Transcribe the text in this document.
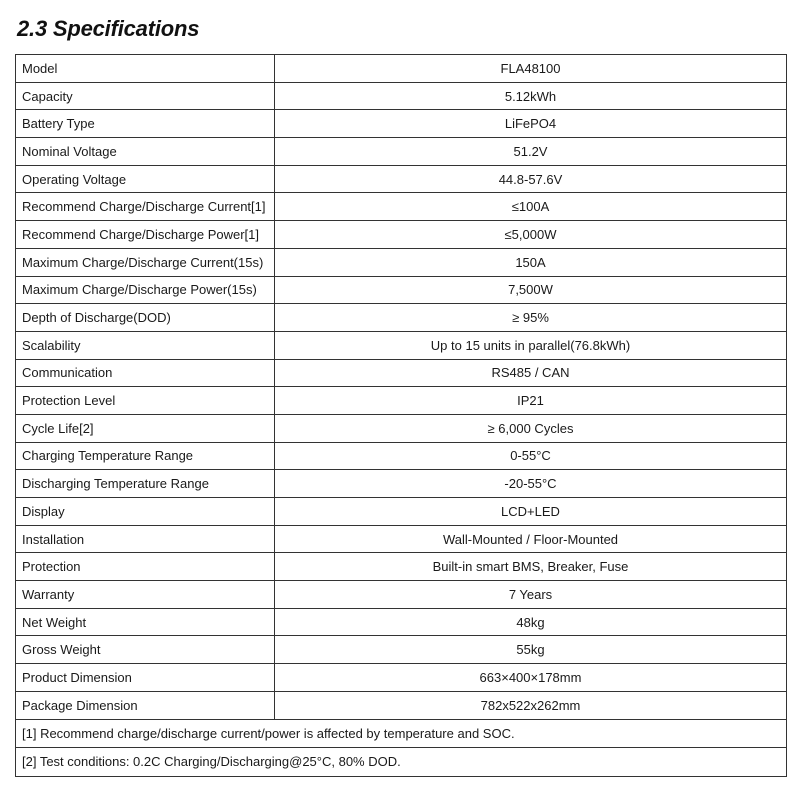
2.3 Specifications
Model	FLA48100
Capacity	5.12kWh
Battery Type	LiFePO4
Nominal Voltage	51.2V
Operating Voltage	44.8-57.6V
Recommend Charge/Discharge Current[1]	≤100A
Recommend Charge/Discharge Power[1]	≤5,000W
Maximum Charge/Discharge Current(15s)	150A
Maximum Charge/Discharge Power(15s)	7,500W
Depth of Discharge(DOD)	≥ 95%
Scalability	Up to 15 units in parallel(76.8kWh)
Communication	RS485 / CAN
Protection Level	IP21
Cycle Life[2]	≥ 6,000 Cycles
Charging Temperature Range	0-55°C
Discharging Temperature Range	-20-55°C
Display	LCD+LED
Installation	Wall-Mounted / Floor-Mounted
Protection	Built-in smart BMS, Breaker, Fuse
Warranty	7 Years
Net Weight	48kg
Gross Weight	55kg
Product Dimension	663×400×178mm
Package Dimension	782x522x262mm
[1] Recommend charge/discharge current/power is affected by temperature and SOC.	
[2] Test conditions: 0.2C Charging/Discharging@25°C, 80% DOD.	
